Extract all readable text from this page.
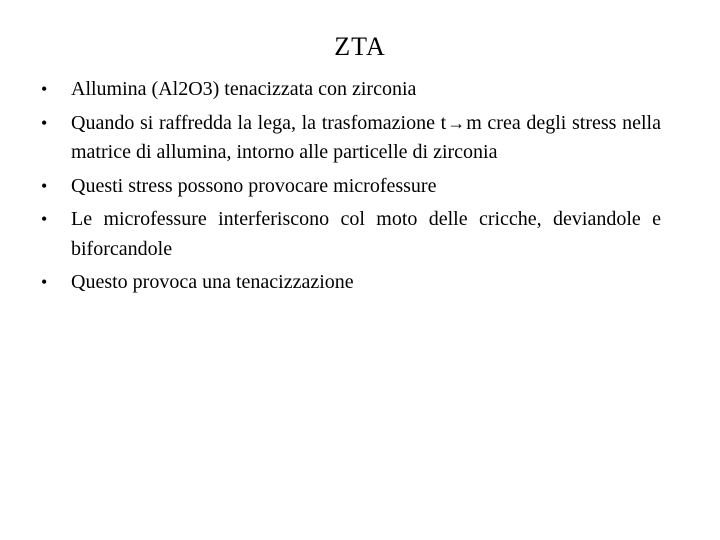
ZTA
• Allumina (Al2O3) tenacizzata con zirconia
• Quando si raffredda la lega, la trasfomazione t→m crea degli stress nella matrice di allumina, intorno alle particelle di zirconia
• Questi stress possono provocare microfessure
• Le microfessure interferiscono col moto delle cricche, deviandole e biforcandole
• Questo provoca una tenacizzazione
